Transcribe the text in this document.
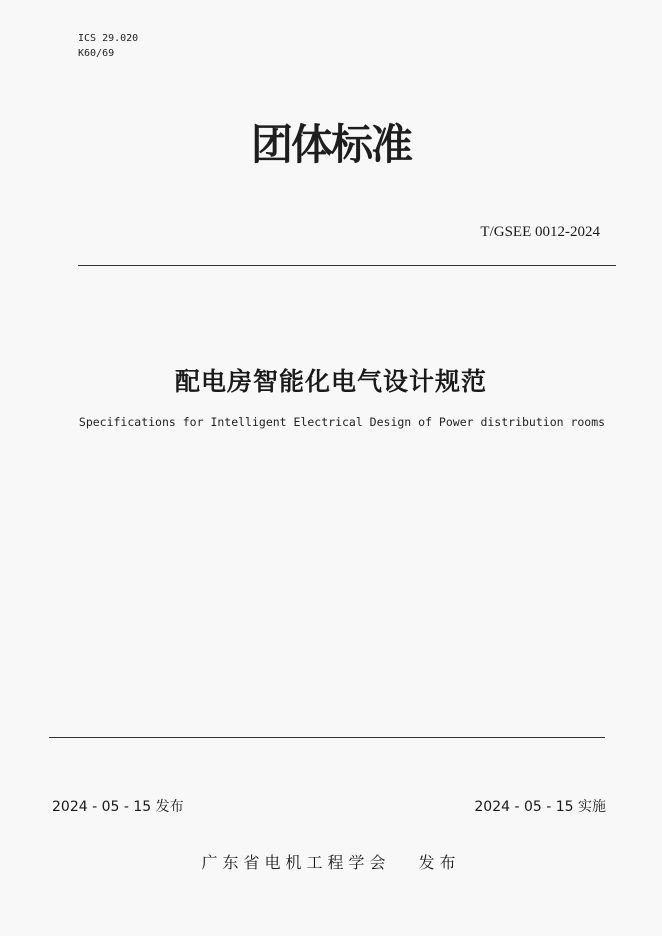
ICS 29.020
K60/69
团体标准
T/GSEE 0012-2024
配电房智能化电气设计规范
Specifications for Intelligent Electrical Design of Power distribution rooms
2024 - 05 - 15 发布	2024 - 05 - 15 实施
广东省电机工程学会 发布
